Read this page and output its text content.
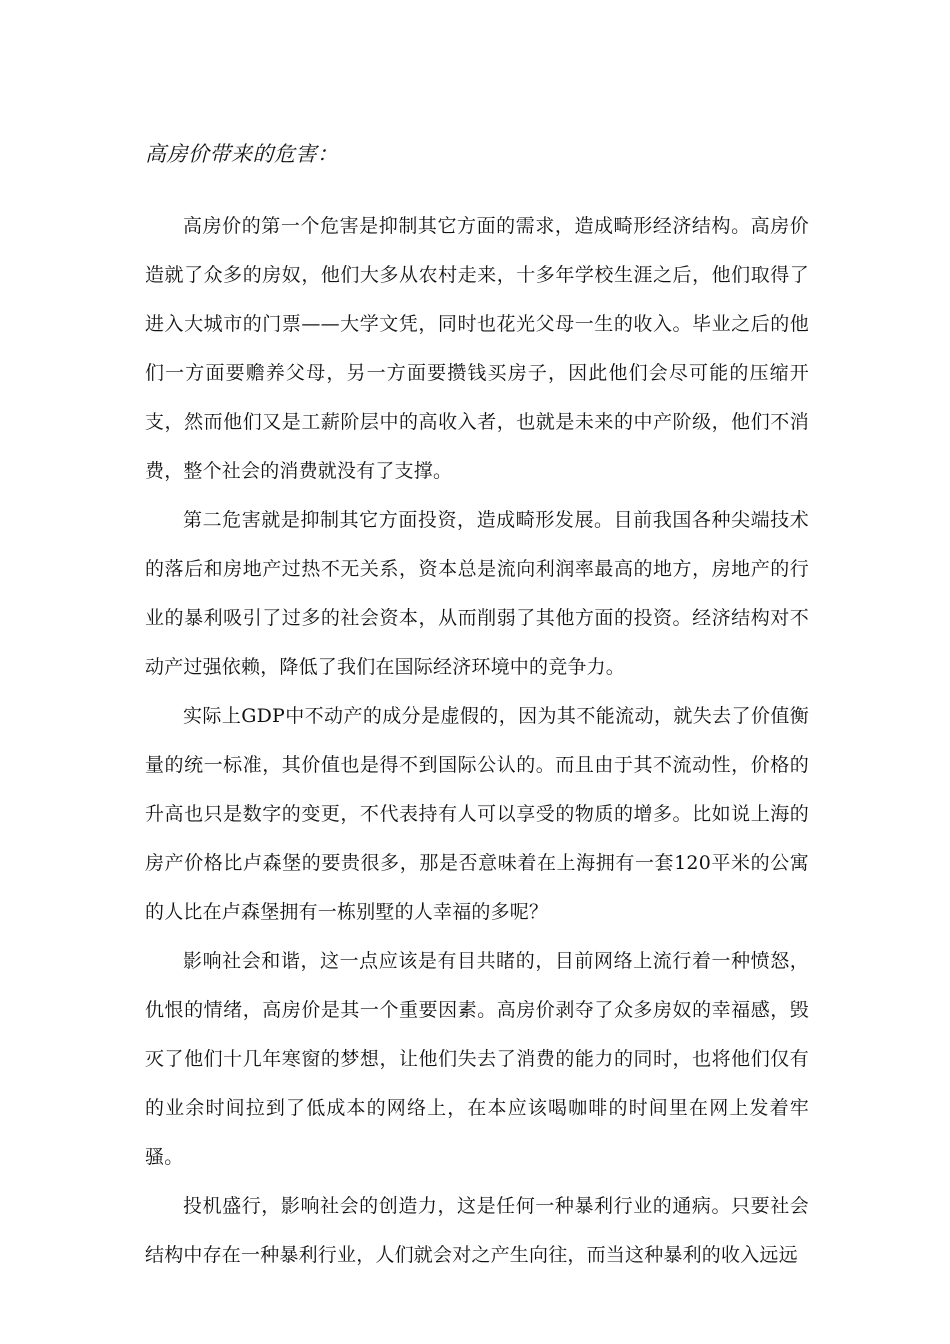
高房价带来的危害：

高房价的第一个危害是抑制其它方面的需求，造成畸形经济结构。高房价造就了众多的房奴，他们大多从农村走来，十多年学校生涯之后，他们取得了进入大城市的门票——大学文凭，同时也花光父母一生的收入。毕业之后的他们一方面要赡养父母，另一方面要攒钱买房子，因此他们会尽可能的压缩开支，然而他们又是工薪阶层中的高收入者，也就是未来的中产阶级，他们不消费，整个社会的消费就没有了支撑。

第二危害就是抑制其它方面投资，造成畸形发展。目前我国各种尖端技术的落后和房地产过热不无关系，资本总是流向利润率最高的地方，房地产的行业的暴利吸引了过多的社会资本，从而削弱了其他方面的投资。经济结构对不动产过强依赖，降低了我们在国际经济环境中的竞争力。

实际上GDP中不动产的成分是虚假的，因为其不能流动，就失去了价值衡量的统一标准，其价值也是得不到国际公认的。而且由于其不流动性，价格的升高也只是数字的变更，不代表持有人可以享受的物质的增多。比如说上海的房产价格比卢森堡的要贵很多，那是否意味着在上海拥有一套120平米的公寓的人比在卢森堡拥有一栋别墅的人幸福的多呢？

影响社会和谐，这一点应该是有目共睹的，目前网络上流行着一种愤怒，仇恨的情绪，高房价是其一个重要因素。高房价剥夺了众多房奴的幸福感，毁灭了他们十几年寒窗的梦想，让他们失去了消费的能力的同时，也将他们仅有的业余时间拉到了低成本的网络上，在本应该喝咖啡的时间里在网上发着牢骚。

投机盛行，影响社会的创造力，这是任何一种暴利行业的通病。只要社会结构中存在一种暴利行业，人们就会对之产生向往，而当这种暴利的收入远远
